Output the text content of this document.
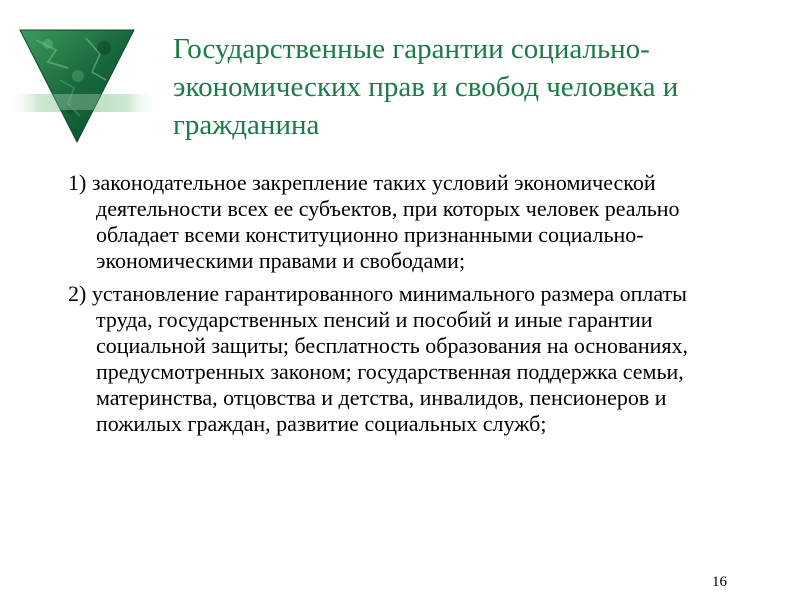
Государственные гарантии социально-экономических прав и свобод человека и гражданина
1) законодательное закрепление таких условий экономической деятельности всех ее субъектов, при которых человек реально обладает всеми конституционно признанными социально-экономическими правами и свободами;
2) установление гарантированного минимального размера оплаты труда, государственных пенсий и пособий и иные гарантии социальной защиты; бесплатность образования на основаниях, предусмотренных законом; государственная поддержка семьи, материнства, отцовства и детства, инвалидов, пенсионеров и пожилых граждан, развитие социальных служб;
16
